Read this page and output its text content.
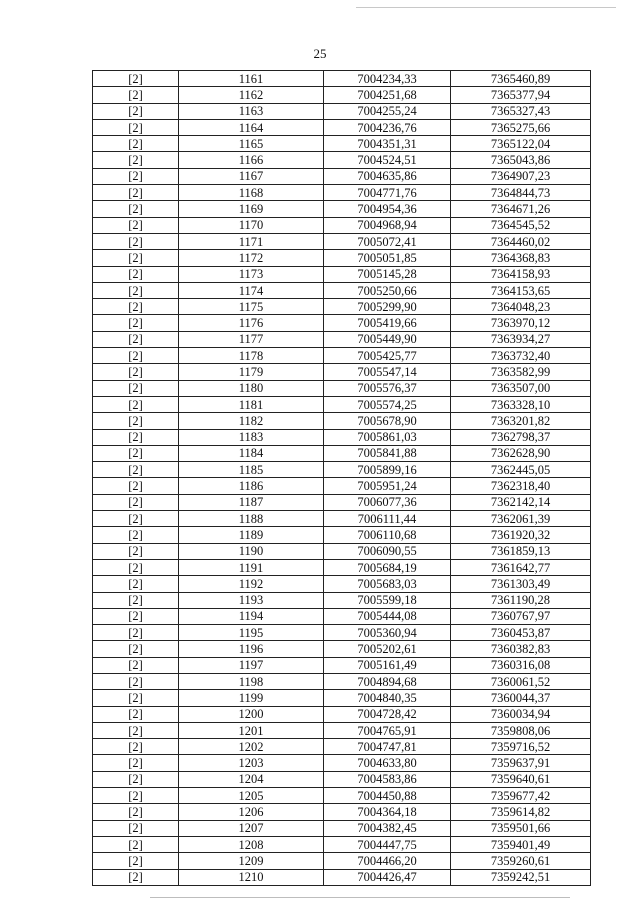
25
[2]	1161	7004234,33	7365460,89
[2]	1162	7004251,68	7365377,94
[2]	1163	7004255,24	7365327,43
[2]	1164	7004236,76	7365275,66
[2]	1165	7004351,31	7365122,04
[2]	1166	7004524,51	7365043,86
[2]	1167	7004635,86	7364907,23
[2]	1168	7004771,76	7364844,73
[2]	1169	7004954,36	7364671,26
[2]	1170	7004968,94	7364545,52
[2]	1171	7005072,41	7364460,02
[2]	1172	7005051,85	7364368,83
[2]	1173	7005145,28	7364158,93
[2]	1174	7005250,66	7364153,65
[2]	1175	7005299,90	7364048,23
[2]	1176	7005419,66	7363970,12
[2]	1177	7005449,90	7363934,27
[2]	1178	7005425,77	7363732,40
[2]	1179	7005547,14	7363582,99
[2]	1180	7005576,37	7363507,00
[2]	1181	7005574,25	7363328,10
[2]	1182	7005678,90	7363201,82
[2]	1183	7005861,03	7362798,37
[2]	1184	7005841,88	7362628,90
[2]	1185	7005899,16	7362445,05
[2]	1186	7005951,24	7362318,40
[2]	1187	7006077,36	7362142,14
[2]	1188	7006111,44	7362061,39
[2]	1189	7006110,68	7361920,32
[2]	1190	7006090,55	7361859,13
[2]	1191	7005684,19	7361642,77
[2]	1192	7005683,03	7361303,49
[2]	1193	7005599,18	7361190,28
[2]	1194	7005444,08	7360767,97
[2]	1195	7005360,94	7360453,87
[2]	1196	7005202,61	7360382,83
[2]	1197	7005161,49	7360316,08
[2]	1198	7004894,68	7360061,52
[2]	1199	7004840,35	7360044,37
[2]	1200	7004728,42	7360034,94
[2]	1201	7004765,91	7359808,06
[2]	1202	7004747,81	7359716,52
[2]	1203	7004633,80	7359637,91
[2]	1204	7004583,86	7359640,61
[2]	1205	7004450,88	7359677,42
[2]	1206	7004364,18	7359614,82
[2]	1207	7004382,45	7359501,66
[2]	1208	7004447,75	7359401,49
[2]	1209	7004466,20	7359260,61
[2]	1210	7004426,47	7359242,51
